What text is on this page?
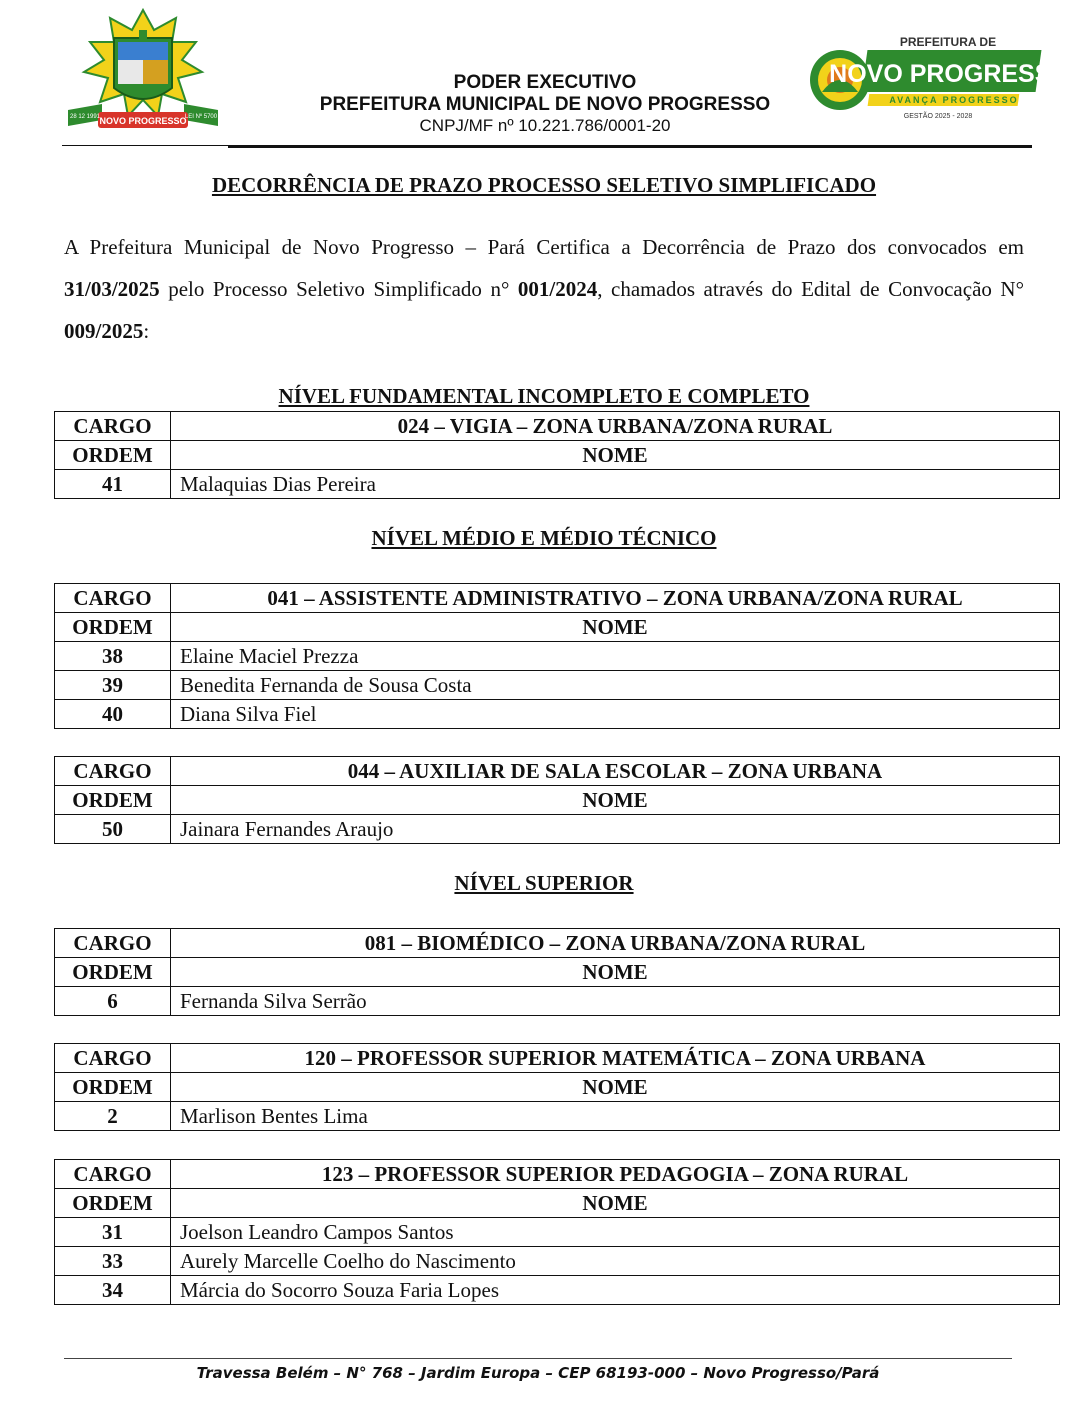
NOVO PROGRESSO
28 12 1991	LEI Nº 5700
PODER EXECUTIVO
PREFEITURA MUNICIPAL DE NOVO PROGRESSO
CNPJ/MF nº 10.221.786/0001-20
PREFEITURA DE
NOVO PROGRESSO
AVANÇA PROGRESSO
GESTÃO 2025 - 2028
DECORRÊNCIA DE PRAZO PROCESSO SELETIVO SIMPLIFICADO
A Prefeitura Municipal de Novo Progresso – Pará Certifica a Decorrência de Prazo dos convocados em 31/03/2025 pelo Processo Seletivo Simplificado n° 001/2024, chamados através do Edital de Convocação N° 009/2025:
NÍVEL FUNDAMENTAL INCOMPLETO E COMPLETO
CARGO	024 – VIGIA – ZONA URBANA/ZONA RURAL
ORDEM	NOME
41	Malaquias Dias Pereira
NÍVEL MÉDIO E MÉDIO TÉCNICO
CARGO	041 – ASSISTENTE ADMINISTRATIVO – ZONA URBANA/ZONA RURAL
ORDEM	NOME
38	Elaine Maciel Prezza
39	Benedita Fernanda de Sousa Costa
40	Diana Silva Fiel
CARGO	044 – AUXILIAR DE SALA ESCOLAR – ZONA URBANA
ORDEM	NOME
50	Jainara Fernandes Araujo
NÍVEL SUPERIOR
CARGO	081 – BIOMÉDICO – ZONA URBANA/ZONA RURAL
ORDEM	NOME
6	Fernanda Silva Serrão
CARGO	120 – PROFESSOR SUPERIOR MATEMÁTICA – ZONA URBANA
ORDEM	NOME
2	Marlison Bentes Lima
CARGO	123 – PROFESSOR SUPERIOR PEDAGOGIA – ZONA RURAL
ORDEM	NOME
31	Joelson Leandro Campos Santos
33	Aurely Marcelle Coelho do Nascimento
34	Márcia do Socorro Souza Faria Lopes
Travessa Belém – N° 768 – Jardim Europa – CEP 68193-000 – Novo Progresso/Pará
